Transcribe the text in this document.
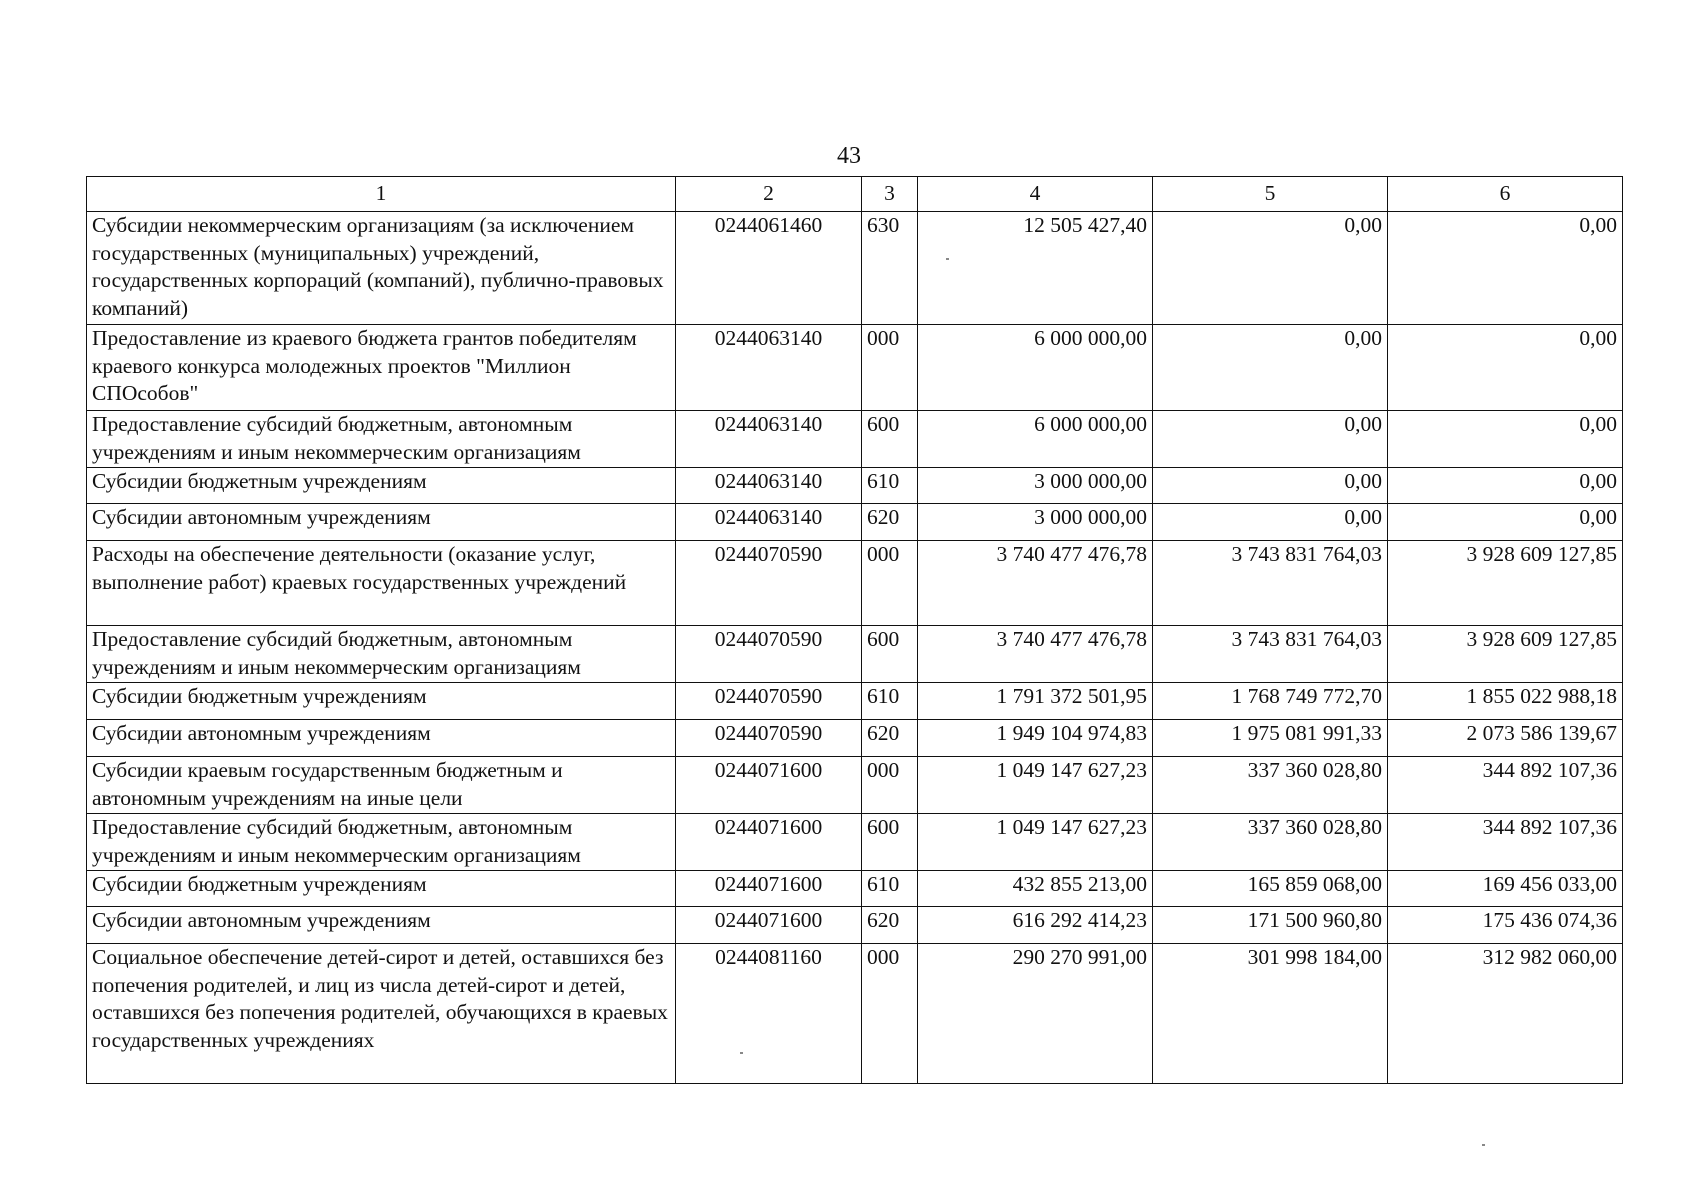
43
1	2	3	4	5	6
Субсидии некоммерческим организациям (за исключением государственных (муниципальных) учреждений, государственных корпораций (компаний), публично-правовых компаний)	0244061460	630	12 505 427,40	0,00	0,00
Предоставление из краевого бюджета грантов победителям краевого конкурса молодежных проектов "Миллион СПОсобов"	0244063140	000	6 000 000,00	0,00	0,00
Предоставление субсидий бюджетным, автономным учреждениям и иным некоммерческим организациям	0244063140	600	6 000 000,00	0,00	0,00
Субсидии бюджетным учреждениям	0244063140	610	3 000 000,00	0,00	0,00
Субсидии автономным учреждениям	0244063140	620	3 000 000,00	0,00	0,00
Расходы на обеспечение деятельности (оказание услуг, выполнение работ) краевых государственных учреждений	0244070590	000	3 740 477 476,78	3 743 831 764,03	3 928 609 127,85
Предоставление субсидий бюджетным, автономным учреждениям и иным некоммерческим организациям	0244070590	600	3 740 477 476,78	3 743 831 764,03	3 928 609 127,85
Субсидии бюджетным учреждениям	0244070590	610	1 791 372 501,95	1 768 749 772,70	1 855 022 988,18
Субсидии автономным учреждениям	0244070590	620	1 949 104 974,83	1 975 081 991,33	2 073 586 139,67
Субсидии краевым государственным бюджетным и автономным учреждениям на иные цели	0244071600	000	1 049 147 627,23	337 360 028,80	344 892 107,36
Предоставление субсидий бюджетным, автономным учреждениям и иным некоммерческим организациям	0244071600	600	1 049 147 627,23	337 360 028,80	344 892 107,36
Субсидии бюджетным учреждениям	0244071600	610	432 855 213,00	165 859 068,00	169 456 033,00
Субсидии автономным учреждениям	0244071600	620	616 292 414,23	171 500 960,80	175 436 074,36
Социальное обеспечение детей-сирот и детей, оставшихся без попечения родителей, и лиц из числа детей-сирот и детей, оставшихся без попечения родителей, обучающихся в краевых государственных учреждениях	0244081160	000	290 270 991,00	301 998 184,00	312 982 060,00
